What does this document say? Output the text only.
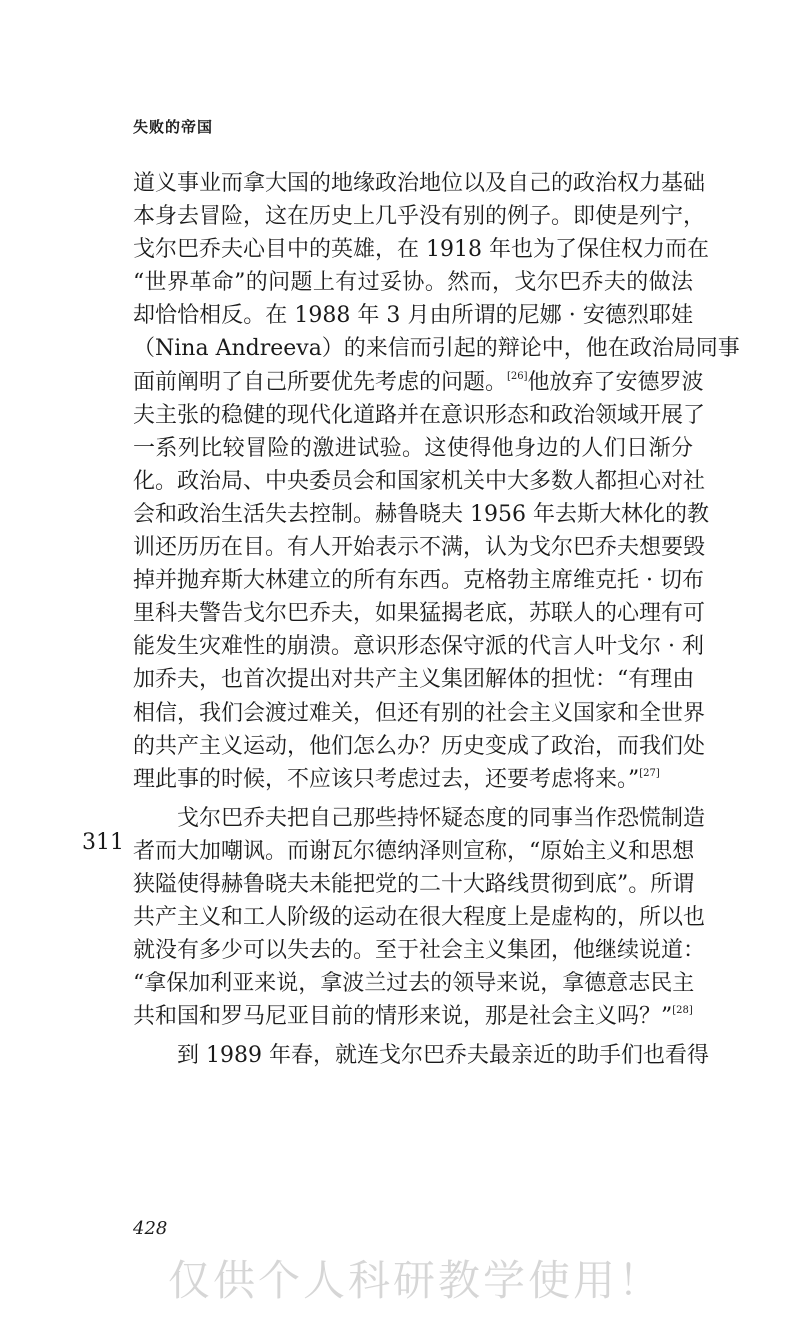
失败的帝国
道义事业而拿大国的地缘政治地位以及自己的政治权力基础
本身去冒险，这在历史上几乎没有别的例子。即使是列宁，
戈尔巴乔夫心目中的英雄，在 1918 年也为了保住权力而在
“世界革命”的问题上有过妥协。然而，戈尔巴乔夫的做法
却恰恰相反。在 1988 年 3 月由所谓的尼娜 · 安德烈耶娃
（Nina Andreeva）的来信而引起的辩论中，他在政治局同事
面前阐明了自己所要优先考虑的问题。[26]他放弃了安德罗波
夫主张的稳健的现代化道路并在意识形态和政治领域开展了
一系列比较冒险的激进试验。这使得他身边的人们日渐分
化。政治局、中央委员会和国家机关中大多数人都担心对社
会和政治生活失去控制。赫鲁晓夫 1956 年去斯大林化的教
训还历历在目。有人开始表示不满，认为戈尔巴乔夫想要毁
掉并抛弃斯大林建立的所有东西。克格勃主席维克托 · 切布
里科夫警告戈尔巴乔夫，如果猛揭老底，苏联人的心理有可
能发生灾难性的崩溃。意识形态保守派的代言人叶戈尔 · 利
加乔夫，也首次提出对共产主义集团解体的担忧：“有理由
相信，我们会渡过难关，但还有别的社会主义国家和全世界
的共产主义运动，他们怎么办？历史变成了政治，而我们处
理此事的时候，不应该只考虑过去，还要考虑将来。”[27]
戈尔巴乔夫把自己那些持怀疑态度的同事当作恐慌制造
者而大加嘲讽。而谢瓦尔德纳泽则宣称，“原始主义和思想
狭隘使得赫鲁晓夫未能把党的二十大路线贯彻到底”。所谓
共产主义和工人阶级的运动在很大程度上是虚构的，所以也
就没有多少可以失去的。至于社会主义集团，他继续说道：
“拿保加利亚来说，拿波兰过去的领导来说，拿德意志民主
共和国和罗马尼亚目前的情形来说，那是社会主义吗？”[28]
到 1989 年春，就连戈尔巴乔夫最亲近的助手们也看得
311
428
仅供个人科研教学使用！
